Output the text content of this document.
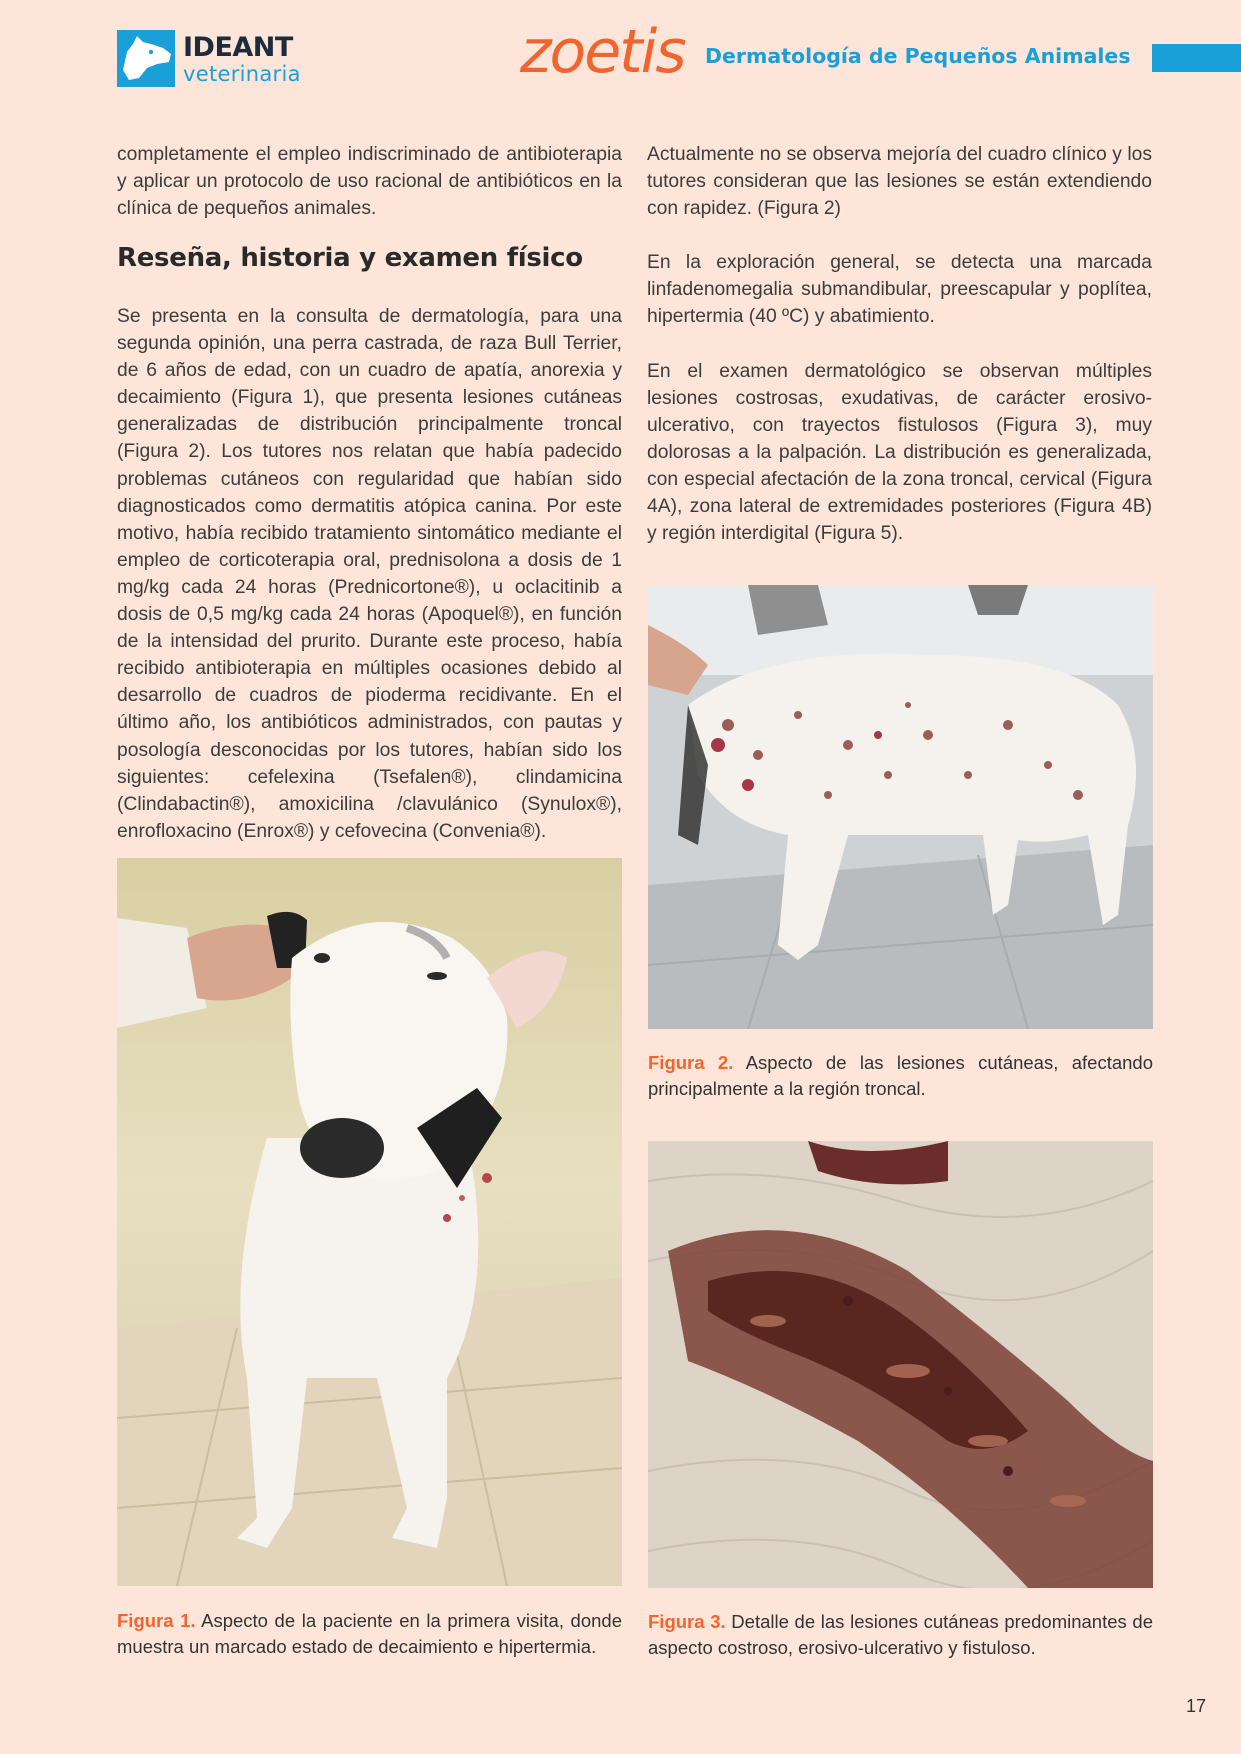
IDEANT
veterinaria	zoetis Dermatología de Pequeños Animales

completamente el empleo indiscriminado de antibioterapia y aplicar un protocolo de uso racional de antibióticos en la clínica de pequeños animales.

Reseña, historia y examen físico

Se presenta en la consulta de dermatología, para una segunda opinión, una perra castrada, de raza Bull Terrier, de 6 años de edad, con un cuadro de apatía, anorexia y decaimiento (Figura 1), que presenta lesiones cutáneas generalizadas de distribución principalmente troncal (Figura 2). Los tutores nos relatan que había padecido problemas cutáneos con regularidad que habían sido diagnosticados como dermatitis atópica canina. Por este motivo, había recibido tratamiento sintomático mediante el empleo de corticoterapia oral, prednisolona a dosis de 1 mg/kg cada 24 horas (Prednicortone®), u oclacitinib a dosis de 0,5 mg/kg cada 24 horas (Apoquel®), en función de la intensidad del prurito. Durante este proceso, había recibido antibioterapia en múltiples ocasiones debido al desarrollo de cuadros de pioderma recidivante. En el último año, los antibióticos administrados, con pautas y posología desconocidas por los tutores, habían sido los siguientes: cefelexina (Tsefalen®), clindamicina (Clindabactin®), amoxicilina /clavulánico (Synulox®), enrofloxacino (Enrox®) y cefovecina (Convenia®).

Actualmente no se observa mejoría del cuadro clínico y los tutores consideran que las lesiones se están extendiendo con rapidez. (Figura 2)

En la exploración general, se detecta una marcada linfadenomegalia submandibular, preescapular y poplítea, hipertermia (40 ºC) y abatimiento.

En el examen dermatológico se observan múltiples lesiones costrosas, exudativas, de carácter erosivo-ulcerativo, con trayectos fistulosos (Figura 3), muy dolorosas a la palpación. La distribución es generalizada, con especial afectación de la zona troncal, cervical (Figura 4A), zona lateral de extremidades posteriores (Figura 4B) y región interdigital (Figura 5).

Figura 1. Aspecto de la paciente en la primera visita, donde muestra un marcado estado de decaimiento e hipertermia.
Figura 2. Aspecto de las lesiones cutáneas, afectando principalmente a la región troncal.
Figura 3. Detalle de las lesiones cutáneas predominantes de aspecto costroso, erosivo-ulcerativo y fistuloso.
17
